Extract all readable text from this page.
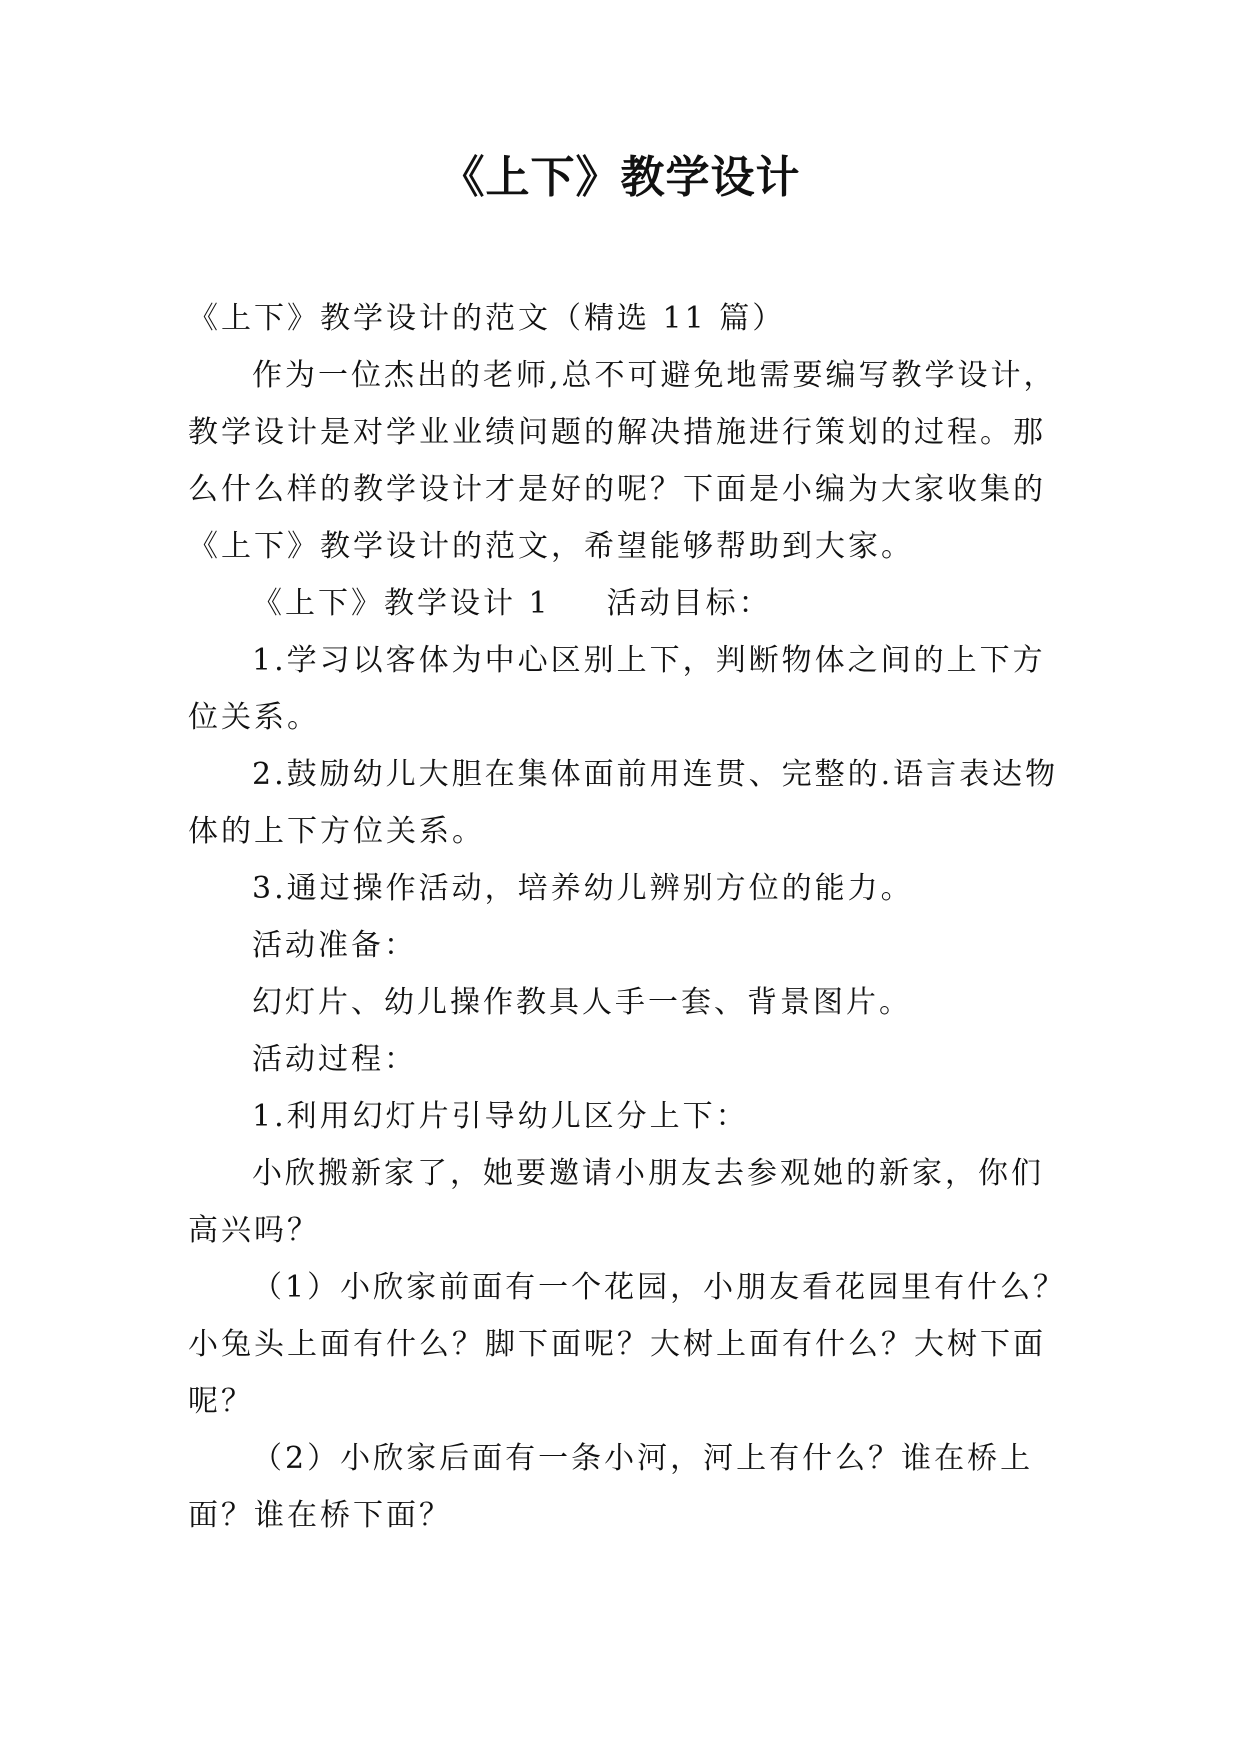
《上下》教学设计

《上下》教学设计的范文（精选 11 篇）

作为一位杰出的老师,总不可避免地需要编写教学设计，教学设计是对学业业绩问题的解决措施进行策划的过程。那么什么样的教学设计才是好的呢？下面是小编为大家收集的《上下》教学设计的范文，希望能够帮助到大家。

《上下》教学设计 1 活动目标：

1.学习以客体为中心区别上下，判断物体之间的上下方位关系。

2.鼓励幼儿大胆在集体面前用连贯、完整的.语言表达物体的上下方位关系。

3.通过操作活动，培养幼儿辨别方位的能力。

活动准备：

幻灯片、幼儿操作教具人手一套、背景图片。

活动过程：

1.利用幻灯片引导幼儿区分上下：

小欣搬新家了，她要邀请小朋友去参观她的新家，你们高兴吗？

（1）小欣家前面有一个花园，小朋友看花园里有什么？小兔头上面有什么？脚下面呢？大树上面有什么？大树下面呢？

（2）小欣家后面有一条小河，河上有什么？谁在桥上面？谁在桥下面？
